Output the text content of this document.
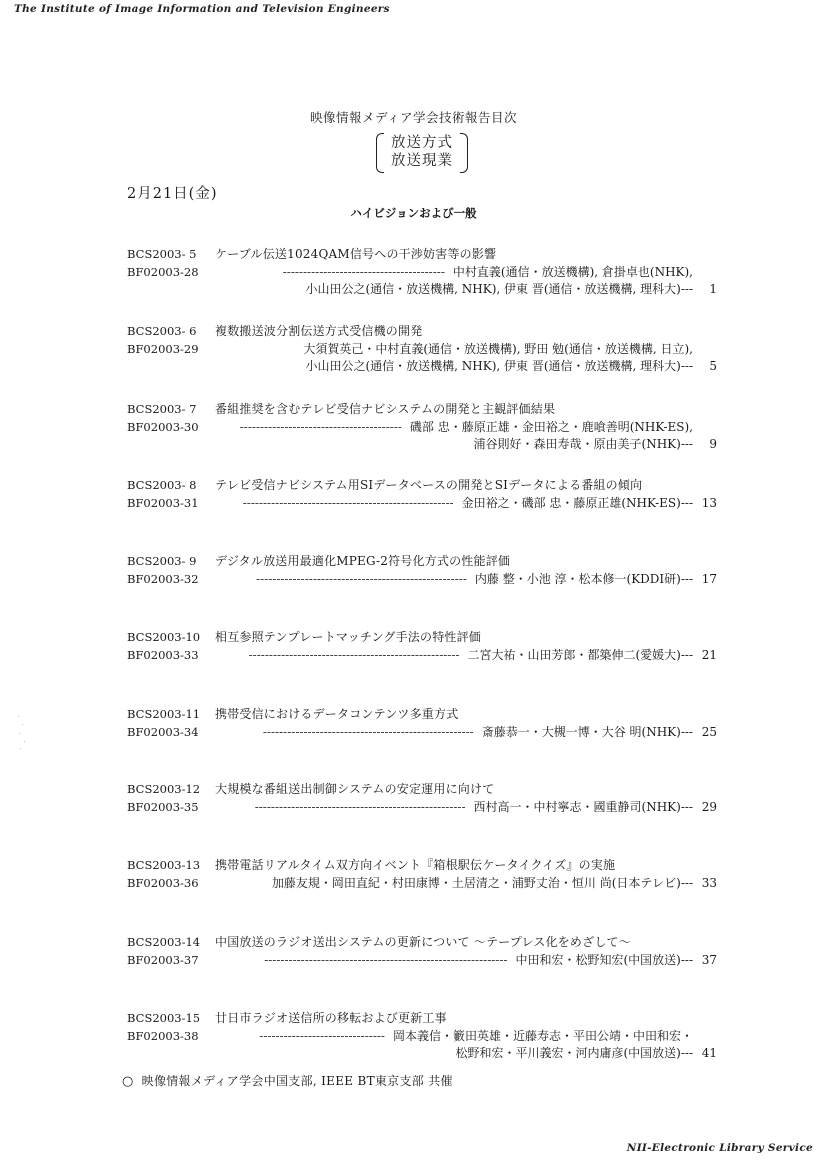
The Institute of Image Information and Television Engineers
映像情報メディア学会技術報告目次
放送方式
放送現業
2月21日(金)
ハイビジョンおよび一般
BCS2003- 5
BF02003-28
ケーブル伝送1024QAM信号への干渉妨害等の影響
---------------------------------------- 中村直義(通信・放送機構), 倉掛卓也(NHK),
小山田公之(通信・放送機構, NHK), 伊東 晋(通信・放送機構, 理科大)---	1
BCS2003- 6
BF02003-29
複数搬送波分割伝送方式受信機の開発
大須賀英己・中村直義(通信・放送機構), 野田 勉(通信・放送機構, 日立),
小山田公之(通信・放送機構, NHK), 伊東 晋(通信・放送機構, 理科大)---	5
BCS2003- 7
BF02003-30
番組推奨を含むテレビ受信ナビシステムの開発と主観評価結果
---------------------------------------- 磯部 忠・藤原正雄・金田裕之・鹿喰善明(NHK-ES),
浦谷則好・森田寿哉・原由美子(NHK)---	9
BCS2003- 8
BF02003-31
テレビ受信ナビシステム用SIデータベースの開発とSIデータによる番組の傾向
---------------------------------------------------- 金田裕之・磯部 忠・藤原正雄(NHK-ES)--- 13
BCS2003- 9
BF02003-32
デジタル放送用最適化MPEG-2符号化方式の性能評価
---------------------------------------------------- 内藤 整・小池 淳・松本修一(KDDI研)--- 17
BCS2003-10
BF02003-33
相互参照テンプレートマッチング手法の特性評価
---------------------------------------------------- 二宮大祐・山田芳郎・都築伸二(愛媛大)--- 21
BCS2003-11
BF02003-34
携帯受信におけるデータコンテンツ多重方式
---------------------------------------------------- 斎藤恭一・大槻一博・大谷 明(NHK)--- 25
BCS2003-12
BF02003-35
大規模な番組送出制御システムの安定運用に向けて
---------------------------------------------------- 西村高一・中村寧志・國重静司(NHK)--- 29
BCS2003-13
BF02003-36
携帯電話リアルタイム双方向イベント『箱根駅伝ケータイクイズ』の実施
加藤友規・岡田直紀・村田康博・土居清之・浦野丈治・恒川 尚(日本テレビ)--- 33
BCS2003-14
BF02003-37
中国放送のラジオ送出システムの更新について ～テープレス化をめざして～
------------------------------------------------------------ 中田和宏・松野知宏(中国放送)--- 37
BCS2003-15
BF02003-38
廿日市ラジオ送信所の移転および更新工事
------------------------------- 岡本義信・籔田英雄・近藤寿志・平田公靖・中田和宏・
松野和宏・平川義宏・河内庸彦(中国放送)--- 41
○ 映像情報メディア学会中国支部, IEEE BT東京支部 共催
NII-Electronic Library Service
